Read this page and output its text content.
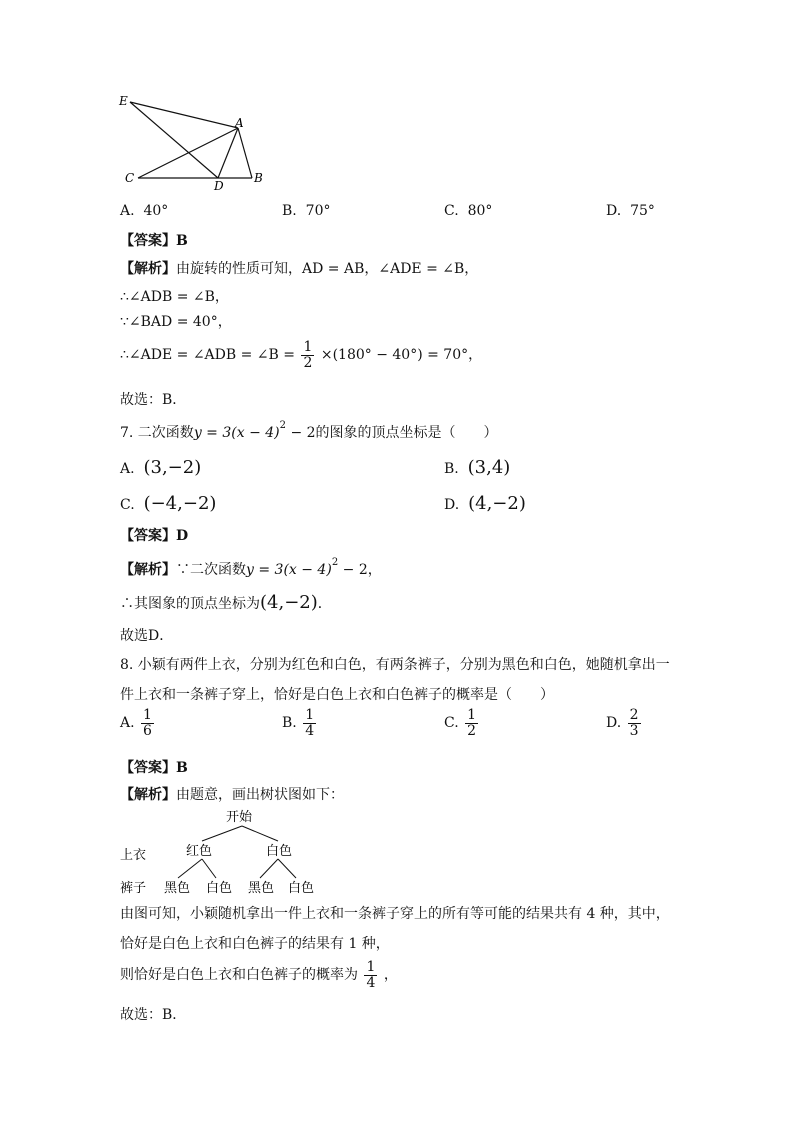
E
A
C
D
B
A. 40°	B. 70°	C. 80°	D. 75°
【答案】B
【解析】由旋转的性质可知，AD = AB，∠ADE = ∠B，
∴∠ADB = ∠B，
∵∠BAD = 40°，
∴∠ADE = ∠ADB = ∠B = $\frac{1}{2} \times(180^\circ - 40^\circ) = 70^\circ$，
故选：B．
7. 二次函数$y = 3(x - 4)^2 - 2$的图象的顶点坐标是（　　）
A. (3,−2)	B. (3,4)
C. (−4,−2)	D. (4,−2)
【答案】D
【解析】∵二次函数$y = 3(x - 4)^2 - 2$，
∴其图象的顶点坐标为(4,−2)．
故选D．
8. 小颖有两件上衣，分别为红色和白色，有两条裤子，分别为黑色和白色，她随机拿出一
件上衣和一条裤子穿上，恰好是白色上衣和白色裤子的概率是（　　）
A. $\frac{1}{6}$	B. $\frac{1}{4}$	C. $\frac{1}{2}$	D. $\frac{2}{3}$
【答案】B
【解析】由题意，画出树状图如下：
开始
上衣	红色	白色
裤子 黑色 白色 黑色 白色
由图可知，小颖随机拿出一件上衣和一条裤子穿上的所有等可能的结果共有 4 种，其中，
恰好是白色上衣和白色裤子的结果有 1 种，
则恰好是白色上衣和白色裤子的概率为 $\frac{1}{4}$ ，
故选：B．
